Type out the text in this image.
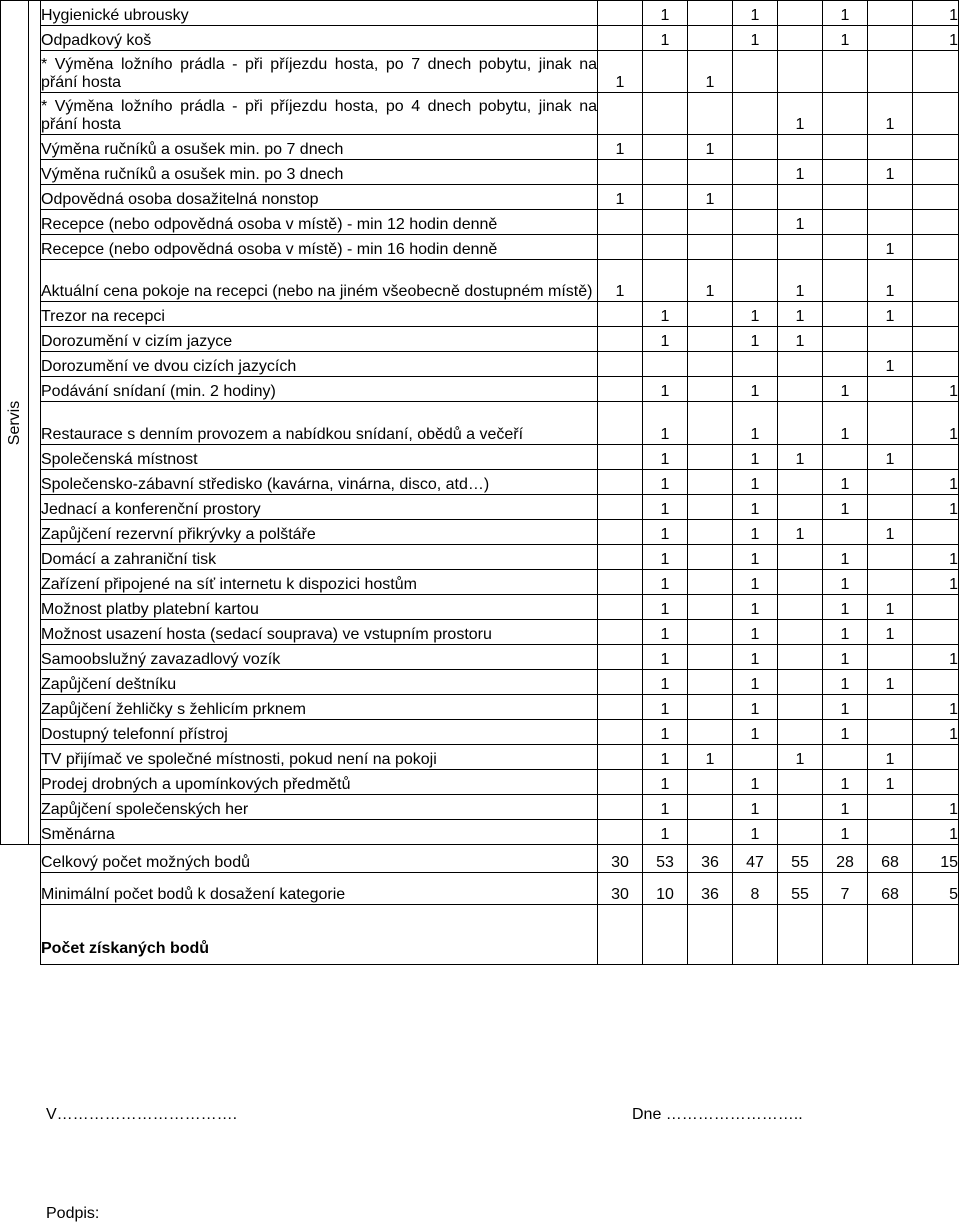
Servis		Hygienické ubrousky		1		1		1		1
		Odpadkový koš		1		1		1		1
		* Výměna ložního prádla - při příjezdu hosta, po 7 dnech pobytu, jinak na přání hosta	1		1					
		* Výměna ložního prádla - při příjezdu hosta, po 4 dnech pobytu, jinak na přání hosta					1		1	
		Výměna ručníků a osušek min. po 7 dnech	1		1					
		Výměna ručníků a osušek min. po 3 dnech					1		1	
		Odpovědná osoba dosažitelná nonstop	1		1					
		Recepce (nebo odpovědná osoba v místě) - min 12 hodin denně					1			
		Recepce (nebo odpovědná osoba v místě) - min 16 hodin denně							1	
		Aktuální cena pokoje na recepci (nebo na jiném všeobecně dostupném místě)	1		1		1		1	
		Trezor na recepci		1		1	1		1	
		Dorozumění v cizím jazyce		1		1	1			
		Dorozumění ve dvou cizích jazycích							1	
		Podávání snídaní (min. 2 hodiny)		1		1		1		1
		Restaurace s denním provozem a nabídkou snídaní, obědů a večeří		1		1		1		1
		Společenská místnost		1		1	1		1	
		Společensko-zábavní středisko (kavárna, vinárna, disco, atd…)		1		1		1		1
		Jednací a konferenční prostory		1		1		1		1
		Zapůjčení rezervní přikrývky a polštáře		1		1	1		1	
		Domácí a zahraniční tisk		1		1		1		1
		Zařízení připojené na síť internetu k dispozici hostům		1		1		1		1
		Možnost platby platební kartou		1		1		1	1	
		Možnost usazení hosta (sedací souprava) ve vstupním prostoru		1		1		1	1	
		Samoobslužný zavazadlový vozík		1		1		1		1
		Zapůjčení deštníku		1		1		1	1	
		Zapůjčení žehličky s žehlicím prknem		1		1		1		1
		Dostupný telefonní přístroj		1		1		1		1
		TV přijímač ve společné místnosti, pokud není na pokoji		1	1		1		1	
		Prodej drobných a upomínkových předmětů		1		1		1	1	
		Zapůjčení společenských her		1		1		1		1
		Směnárna		1		1		1		1
		Celkový počet možných bodů	30	53	36	47	55	28	68	15
		Minimální počet bodů k dosažení kategorie	30	10	36	8	55	7	68	5
		Počet získaných bodů								
V…………………………….	Dne ……………………..
Podpis:
